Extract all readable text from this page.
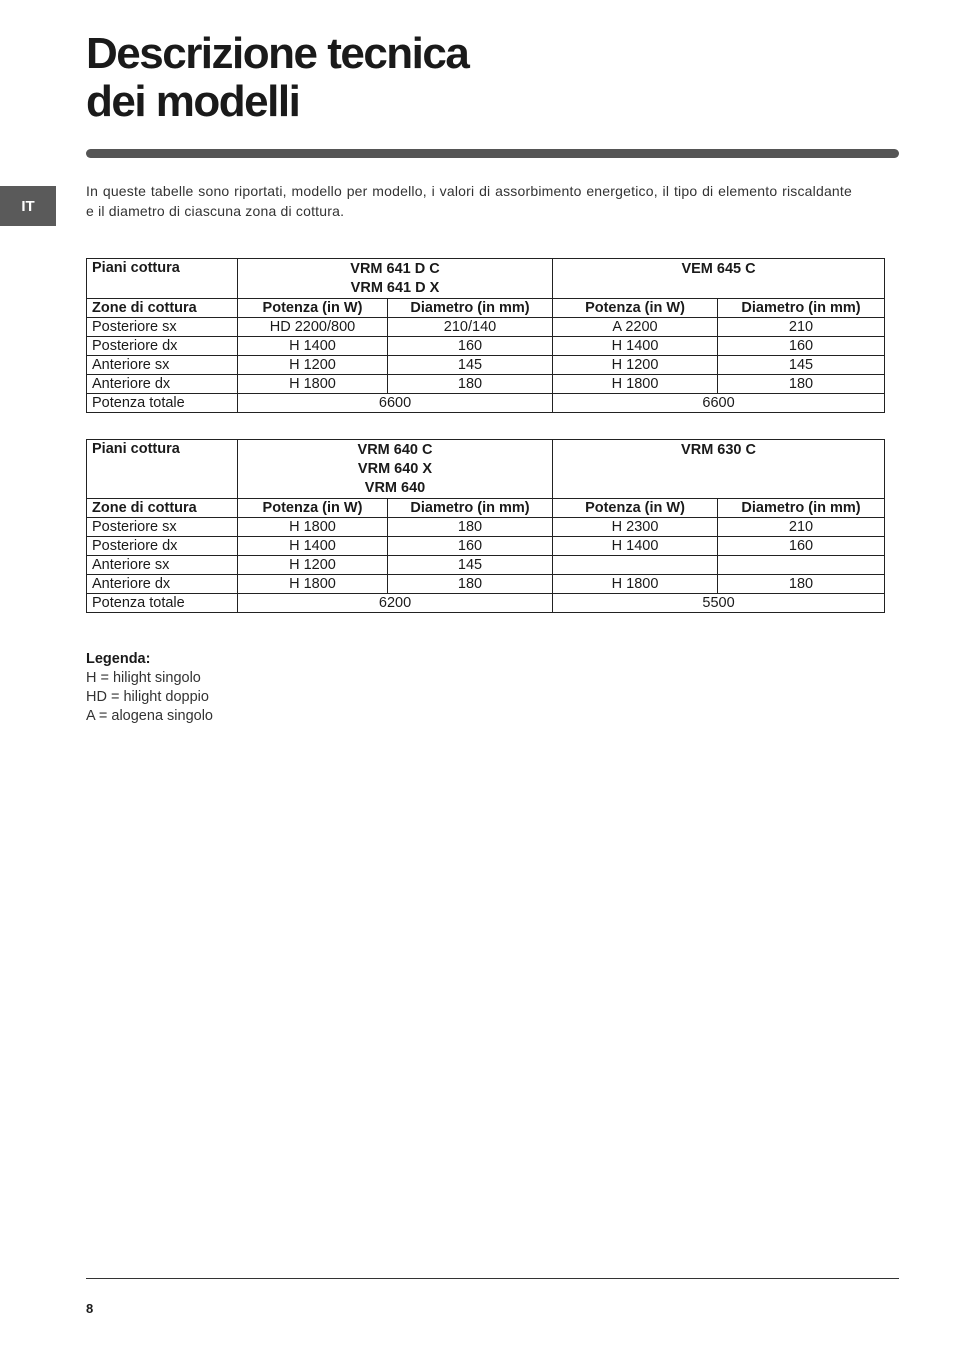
Descrizione tecnica
dei modelli
IT

In queste tabelle sono riportati, modello per modello, i valori di assorbimento energetico, il tipo di elemento riscaldante e il diametro di ciascuna zona di cottura.

Piani cottura	VRM 641 D C
VRM 641 D X		VEM 645 C	

Zone di cottura	Potenza (in W)	Diametro (in mm)	Potenza (in W)	Diametro (in mm)
Posteriore sx	HD 2200/800	210/140	A 2200	210
Posteriore dx	H 1400	160	H 1400	160
Anteriore sx	H 1200	145	H 1200	145
Anteriore dx	H 1800	180	H 1800	180
Potenza totale	6600		6600	
Piani cottura	VRM 640 C
VRM 640 X
VRM 640		VRM 630 C	

Zone di cottura	Potenza (in W)	Diametro (in mm)	Potenza (in W)	Diametro (in mm)
Posteriore sx	H 1800	180	H 2300	210
Posteriore dx	H 1400	160	H 1400	160
Anteriore sx	H 1200	145		
Anteriore dx	H 1800	180	H 1800	180
Potenza totale	6200		5500	
Legenda:
H = hilight singolo
HD = hilight doppio
A = alogena singolo
8
